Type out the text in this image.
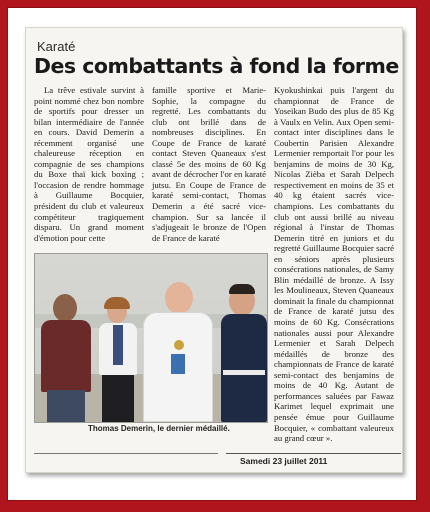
Karaté
Des combattants à fond la forme
La trêve estivale survint à point nommé chez bon nombre de sportifs pour dresser un bilan intermédiaire de l'année en cours. David Demerin a récemment organisé une chaleureuse réception en compagnie de ses champions du Boxe thaï kick boxing ; l'occasion de rendre hommage à Guillaume Bocquier, président du club et valeureux compétiteur tragiquement disparu. Un grand moment d'émotion pour cette
famille sportive et Marie-Sophie, la compagne du regretté. Les combattants du club ont brillé dans de nombreuses disciplines. En Coupe de France de karaté contact Steven Quaneaux s'est classé 5e des moins de 60 Kg avant de décrocher l'or en karaté jutsu. En Coupe de France de karaté semi-contact, Thomas Demerin a été sacré vice-champion. Sur sa lancée il s'adjugeait le bronze de l'Open de France de karaté
Kyokushinkai puis l'argent du championnat de France de Yoseikan Budo des plus de 85 Kg à Vaulx en Velin. Aux Open semi-contact inter disciplines dans le Coubertin Parisien Alexandre Lermenier remportait l'or pour les benjamins de moins de 30 Kg, Nicolas Zièba et Sarah Delpech respectivement en moins de 35 et 40 kg étaient sacrés vice-champions. Les combattants du club ont aussi brillé au niveau régional à l'instar de Thomas Demerin titré en juniors et du regretté Guillaume Bocquier sacré en séniors après plusieurs consécrations nationales, de Samy Blin médaillé de bronze. A Issy les Moulineaux, Steven Quaneaux dominait la finale du championnat de France de karaté jutsu des moins de 60 Kg. Consécrations nationales aussi pour Alexandre Lermenier et Sarah Delpech médaillés de bronze des championnats de France de karaté semi-contact des benjamins de moins de 40 Kg. Autant de performances saluées par Fawaz Karimet lequel exprimait une pensée émue pour Guillaume Bocquier, « combattant valeureux au grand cœur ».
Thomas Demerin, le dernier médaillé.
Samedi 23 juillet 2011
